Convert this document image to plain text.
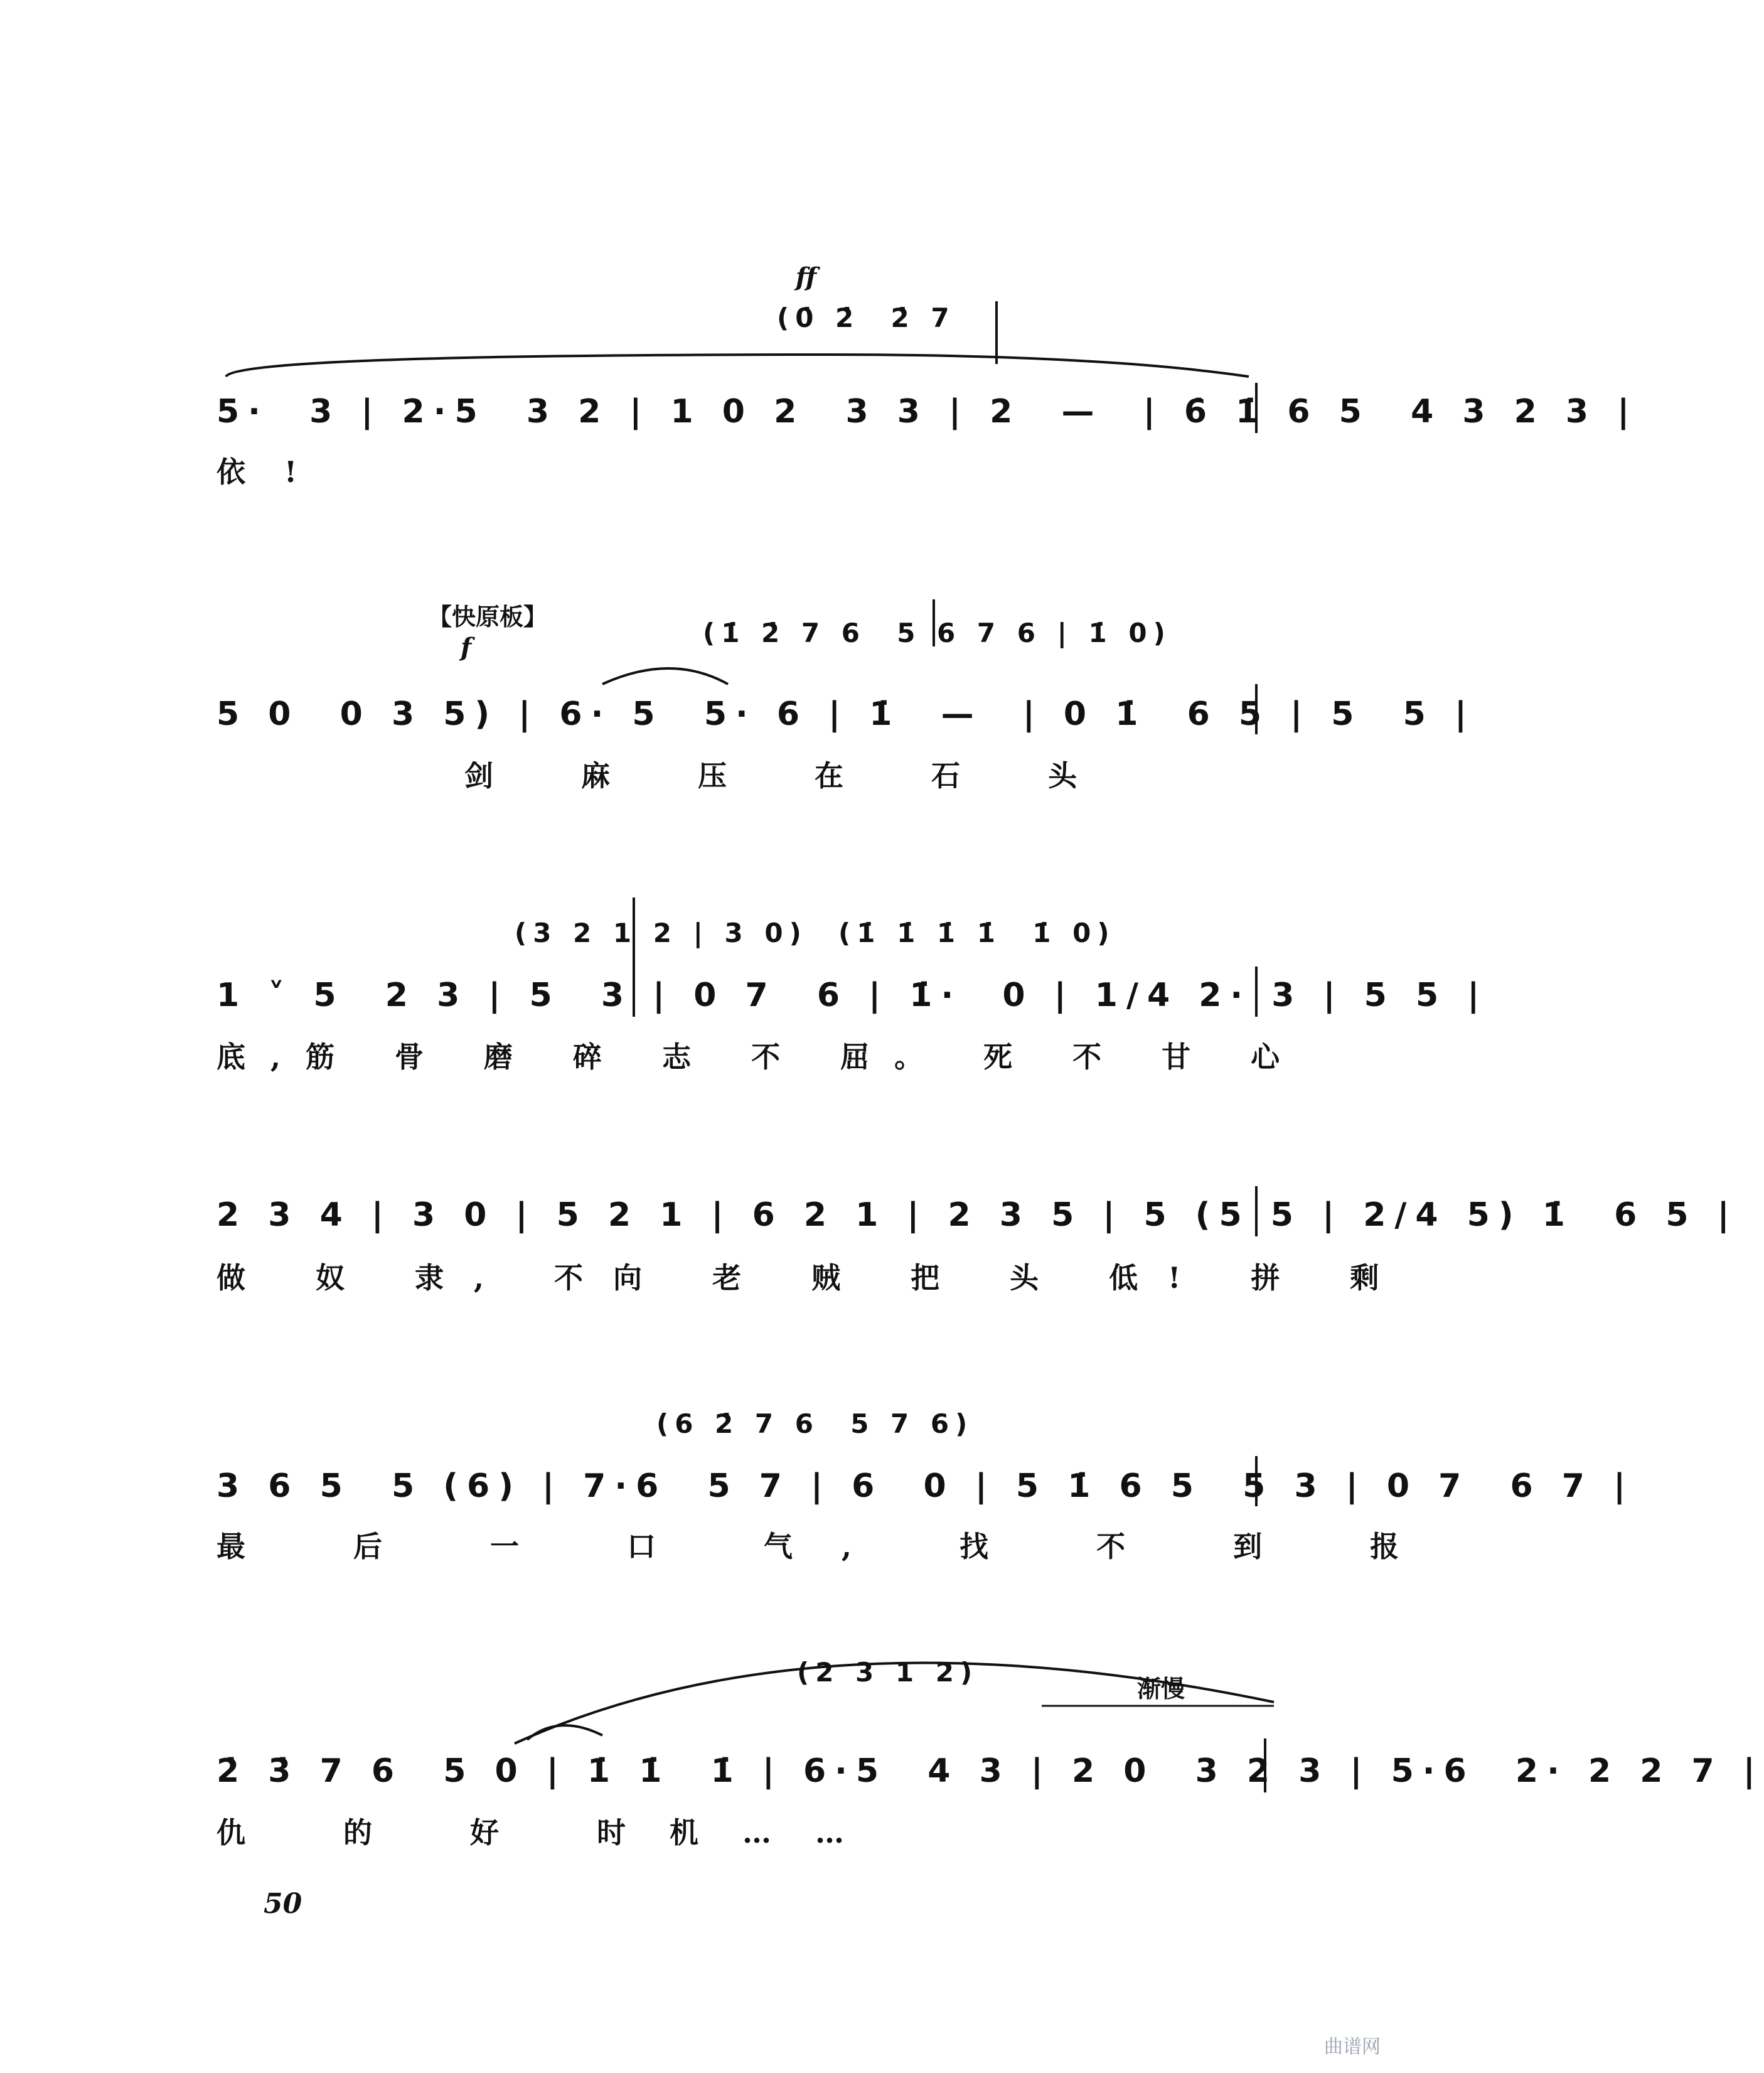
ff
(0̇ 2̇  2̇ 7
5·  3 | 2·5  3 2 | 1 0 2  3 3 | 2  —  | 6̇ 1̇ 6 5  4 3 2 3 |
依!
【快原板】
f	(1̇ 2̇ 7 6  5 6 7 6 | 1̇ 0)
5 0  0 3 5) | 6· 5  5· 6 | 1̇  —  | 0 1̇  6 5 | 5  5 |
剑 麻 压 在 石 头
(3 2 1 2 | 3 0)  (1̇ 1̇ 1̇ 1̇  1̇ 0)
1 ˅ 5  2 3 | 5  3 | 0 7  6 | 1̇·  0 | 1/4 2· 3 | 5 5 |
底,筋 骨 磨 碎 志 不 屈。 死 不 甘 心
2 3 4 | 3 0 | 5 2 1 | 6 2 1 | 2 3 5 | 5 (5 5 | 2/4 5) 1̇  6 5 |
做 奴 隶, 不向 老 贼 把 头 低! 拼 剩
(6 2̇ 7 6  5 7 6)
3 6 5  5 (6) | 7·6  5 7 | 6  0 | 5 1̇ 6 5  5 3 | 0 7  6 7 |
最 后 一 口 气, 找 不 到 报
(2 3 1 2)
渐慢
2̇ 3̇ 7 6  5 0 | 1̇ 1̇  1̇ | 6·5  4 3 | 2 0  3 2 3 | 5·6  2· 2 2 7 |
仇 的 好 时机……
50
曲谱网
